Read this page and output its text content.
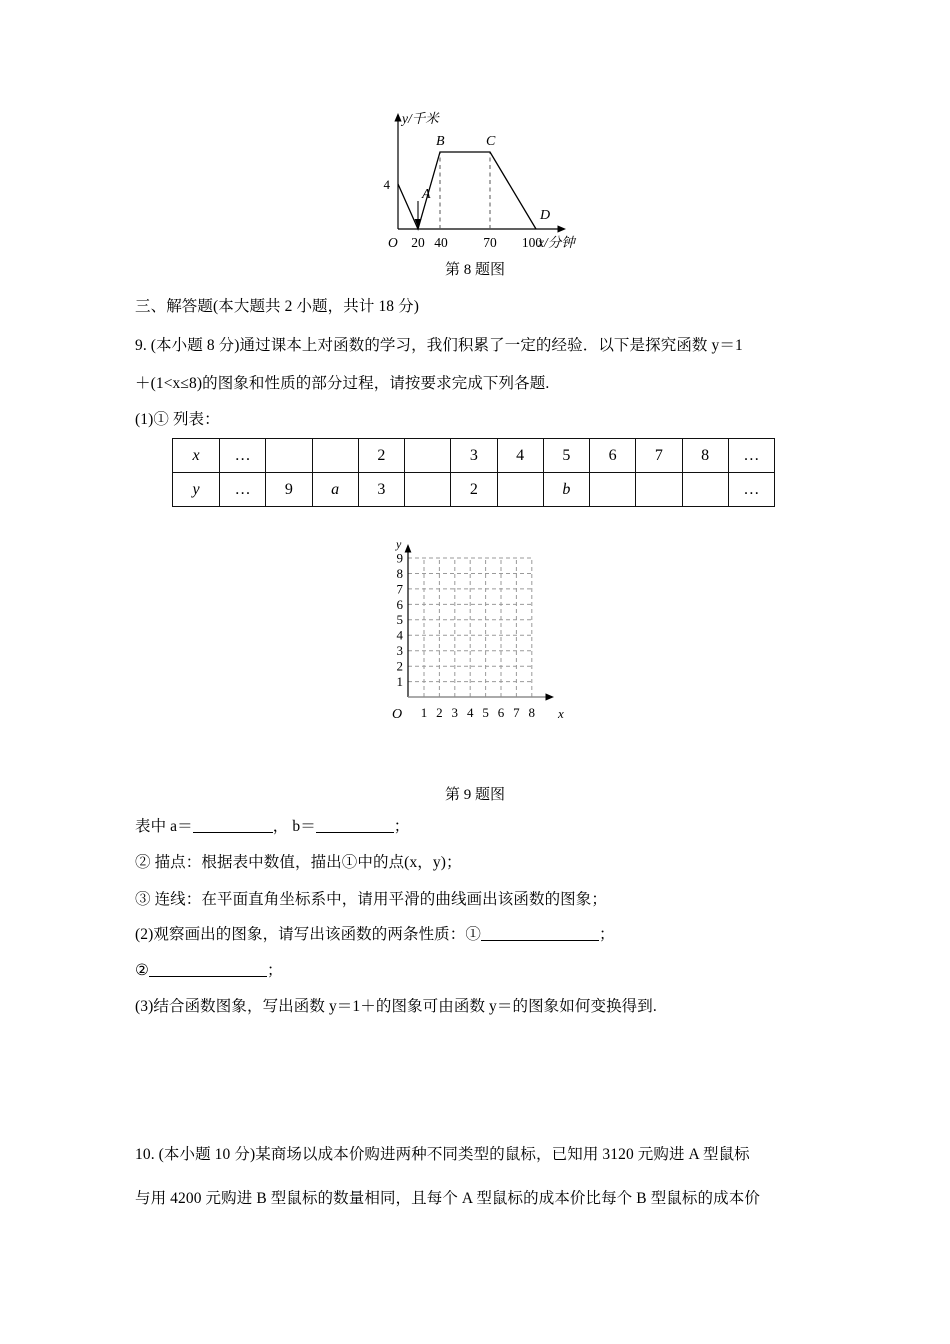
4
y/千米
x/分钟
O 20 40	70 100
A
B	C
D
第 8 题图
三、解答题(本大题共 2 小题，共计 18 分)
9. (本小题 8 分)通过课本上对函数的学习，我们积累了一定的经验．以下是探究函数 y＝1
＋(1<x≤8)的图象和性质的部分过程，请按要求完成下列各题.
(1)① 列表：
x	…			2		3	4	5	6	7	8	…
y	…	9	a	3		2		b				…
y
x
O
1
2
3
4
5
6
7
8
9
1 2 3 4 5 6 7 8
第 9 题图
表中 a＝	， b＝	；
② 描点：根据表中数值，描出①中的点(x，y)；
③ 连线：在平面直角坐标系中，请用平滑的曲线画出该函数的图象；
(2)观察画出的图象，请写出该函数的两条性质：①	；
②	；
(3)结合函数图象，写出函数 y＝1＋的图象可由函数 y＝的图象如何变换得到.
10. (本小题 10 分)某商场以成本价购进两种不同类型的鼠标，已知用 3120 元购进 A 型鼠标
与用 4200 元购进 B 型鼠标的数量相同，且每个 A 型鼠标的成本价比每个 B 型鼠标的成本价
